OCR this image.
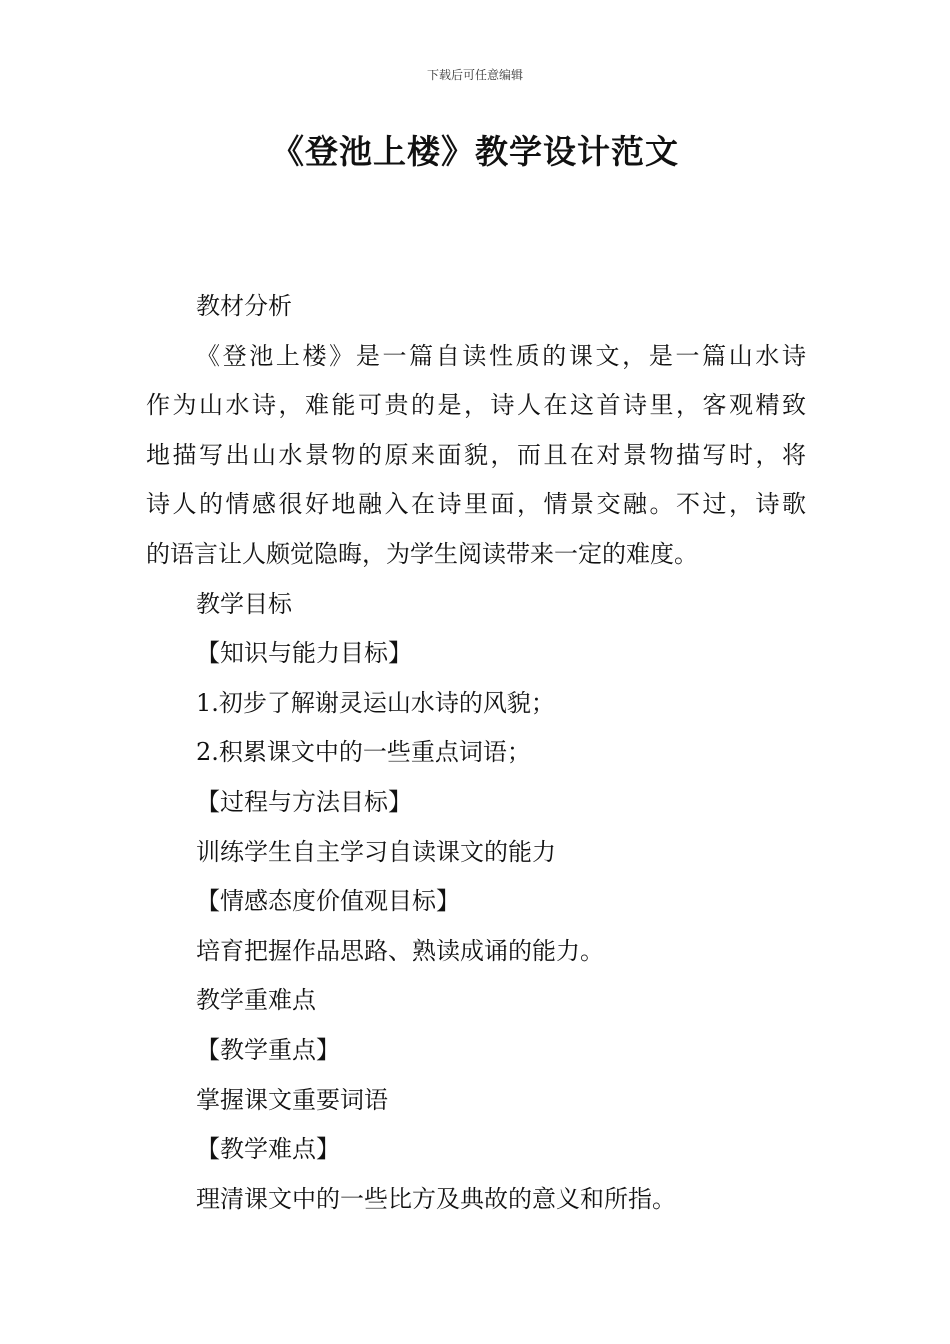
下载后可任意编辑
《登池上楼》教学设计范文
教材分析
《登池上楼》是一篇自读性质的课文，是一篇山水诗
作为山水诗，难能可贵的是，诗人在这首诗里，客观精致
地描写出山水景物的原来面貌，而且在对景物描写时，将
诗人的情感很好地融入在诗里面，情景交融。不过，诗歌
的语言让人颇觉隐晦，为学生阅读带来一定的难度。
教学目标
【知识与能力目标】
1.初步了解谢灵运山水诗的风貌；
2.积累课文中的一些重点词语；
【过程与方法目标】
训练学生自主学习自读课文的能力
【情感态度价值观目标】
培育把握作品思路、熟读成诵的能力。
教学重难点
【教学重点】
掌握课文重要词语
【教学难点】
理清课文中的一些比方及典故的意义和所指。
